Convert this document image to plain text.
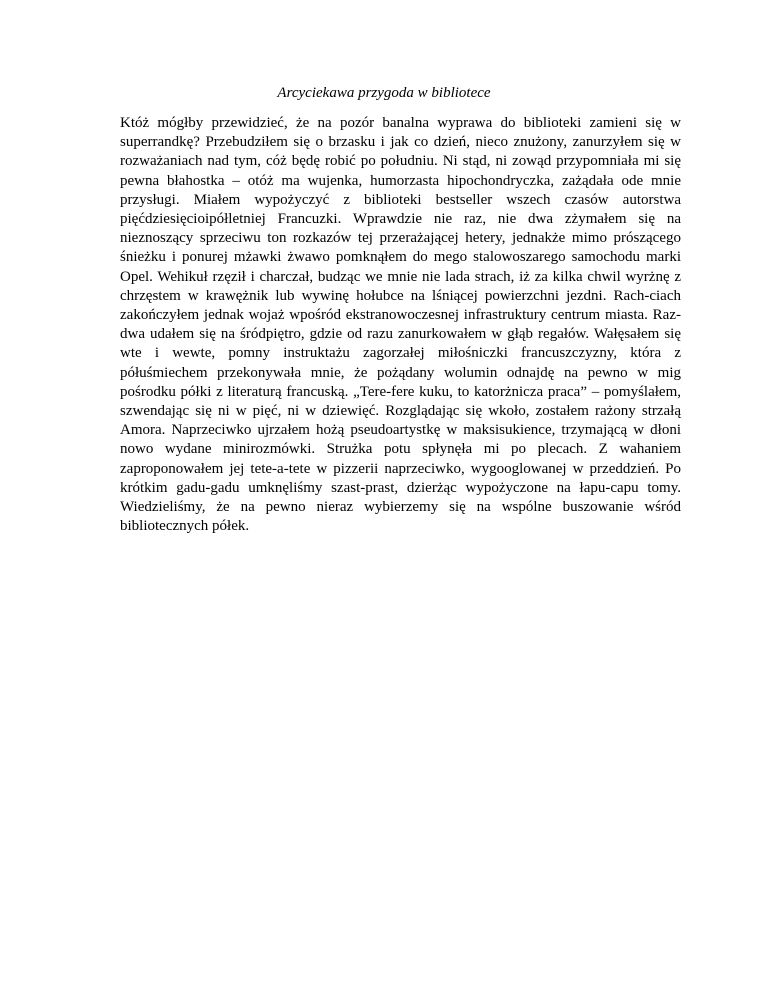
Arcyciekawa przygoda w bibliotece

Któż mógłby przewidzieć, że na pozór banalna wyprawa do biblioteki zamieni się w superrandkę? Przebudziłem się o brzasku i jak co dzień, nieco znużony, zanurzyłem się w rozważaniach nad tym, cóż będę robić po południu. Ni stąd, ni zowąd przypomniała mi się pewna błahostka – otóż ma wujenka, humorzasta hipochondryczka, zażądała ode mnie przysługi. Miałem wypożyczyć z biblioteki bestseller wszech czasów autorstwa pięćdziesięcioipółletniej Francuzki. Wprawdzie nie raz, nie dwa zżymałem się na nieznoszący sprzeciwu ton rozkazów tej przerażającej hetery, jednakże mimo prószącego śnieżku i ponurej mżawki żwawo pomknąłem do mego stalowoszarego samochodu marki Opel. Wehikuł rzęził i charczał, budząc we mnie nie lada strach, iż za kilka chwil wyrżnę z chrzęstem w krawężnik lub wywinę hołubce na lśniącej powierzchni jezdni. Rach-ciach zakończyłem jednak wojaż wpośród ekstranowoczesnej infrastruktury centrum miasta. Raz-dwa udałem się na śródpiętro, gdzie od razu zanurkowałem w głąb regałów. Wałęsałem się wte i wewte, pomny instruktażu zagorzałej miłośniczki francuszczyzny, która z półuśmiechem przekonywała mnie, że pożądany wolumin odnajdę na pewno w mig pośrodku półki z literaturą francuską. „Tere-fere kuku, to katorżnicza praca” – pomyślałem, szwendając się ni w pięć, ni w dziewięć. Rozglądając się wkoło, zostałem rażony strzałą Amora. Naprzeciwko ujrzałem hożą pseudoartystkę w maksisukience, trzymającą w dłoni nowo wydane minirozmówki. Strużka potu spłynęła mi po plecach. Z wahaniem zaproponowałem jej tete-a-tete w pizzerii naprzeciwko, wygooglowanej w przeddzień. Po krótkim gadu-gadu umknęliśmy szast-prast, dzierżąc wypożyczone na łapu-capu tomy. Wiedzieliśmy, że na pewno nieraz wybierzemy się na wspólne buszowanie wśród bibliotecznych półek.
